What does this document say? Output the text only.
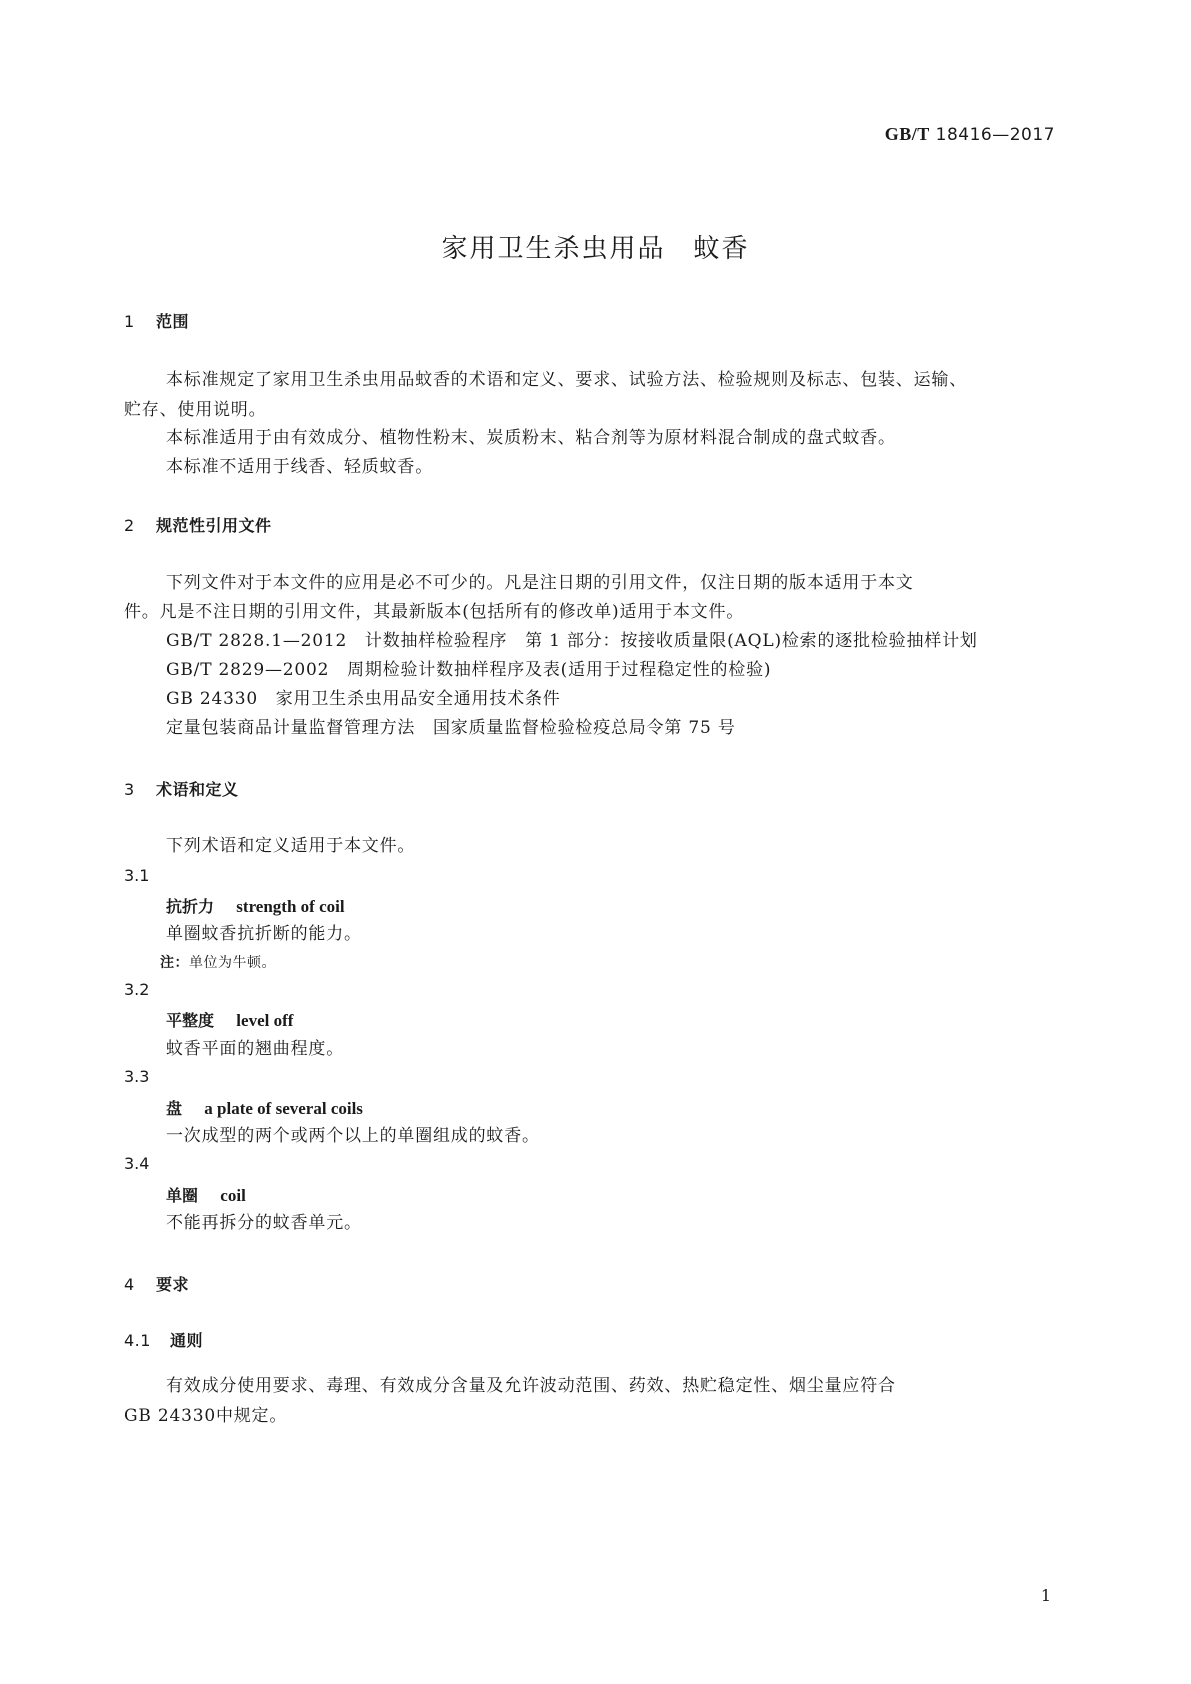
GB/T 18416—2017
家用卫生杀虫用品　蚊香
1 范围
本标准规定了家用卫生杀虫用品蚊香的术语和定义、要求、试验方法、检验规则及标志、包装、运输、
贮存、使用说明。
本标准适用于由有效成分、植物性粉末、炭质粉末、粘合剂等为原材料混合制成的盘式蚊香。
本标准不适用于线香、轻质蚊香。
2 规范性引用文件
下列文件对于本文件的应用是必不可少的。凡是注日期的引用文件，仅注日期的版本适用于本文
件。凡是不注日期的引用文件，其最新版本(包括所有的修改单)适用于本文件。
GB/T 2828.1—2012　计数抽样检验程序　第 1 部分：按接收质量限(AQL)检索的逐批检验抽样计划
GB/T 2829—2002　周期检验计数抽样程序及表(适用于过程稳定性的检验)
GB 24330　家用卫生杀虫用品安全通用技术条件
定量包装商品计量监督管理方法　国家质量监督检验检疫总局令第 75 号
3 术语和定义
下列术语和定义适用于本文件。
3.1
抗折力 strength of coil
单圈蚊香抗折断的能力。
注：单位为牛顿。
3.2
平整度 level off
蚊香平面的翘曲程度。
3.3
盘 a plate of several coils
一次成型的两个或两个以上的单圈组成的蚊香。
3.4
单圈 coil
不能再拆分的蚊香单元。
4 要求
4.1 通则
有效成分使用要求、毒理、有效成分含量及允许波动范围、药效、热贮稳定性、烟尘量应符合
GB 24330中规定。
1
